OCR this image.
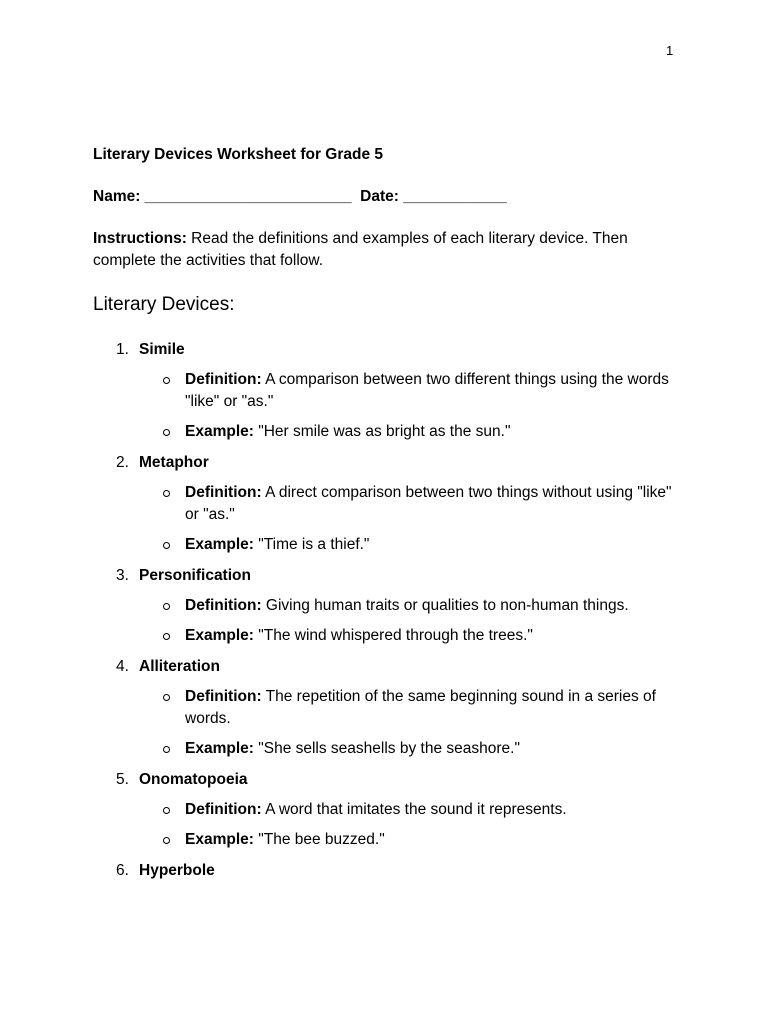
1

Literary Devices Worksheet for Grade 5

Name: ________________________  Date: ____________

Instructions: Read the definitions and examples of each literary device. Then complete the activities that follow.

Literary Devices:
1. Simile
Definition: A comparison between two different things using the words "like" or "as."
Example: "Her smile was as bright as the sun."
2. Metaphor
Definition: A direct comparison between two things without using "like" or "as."
Example: "Time is a thief."
3. Personification
Definition: Giving human traits or qualities to non-human things.
Example: "The wind whispered through the trees."
4. Alliteration
Definition: The repetition of the same beginning sound in a series of words.
Example: "She sells seashells by the seashore."
5. Onomatopoeia
Definition: A word that imitates the sound it represents.
Example: "The bee buzzed."
6. Hyperbole
